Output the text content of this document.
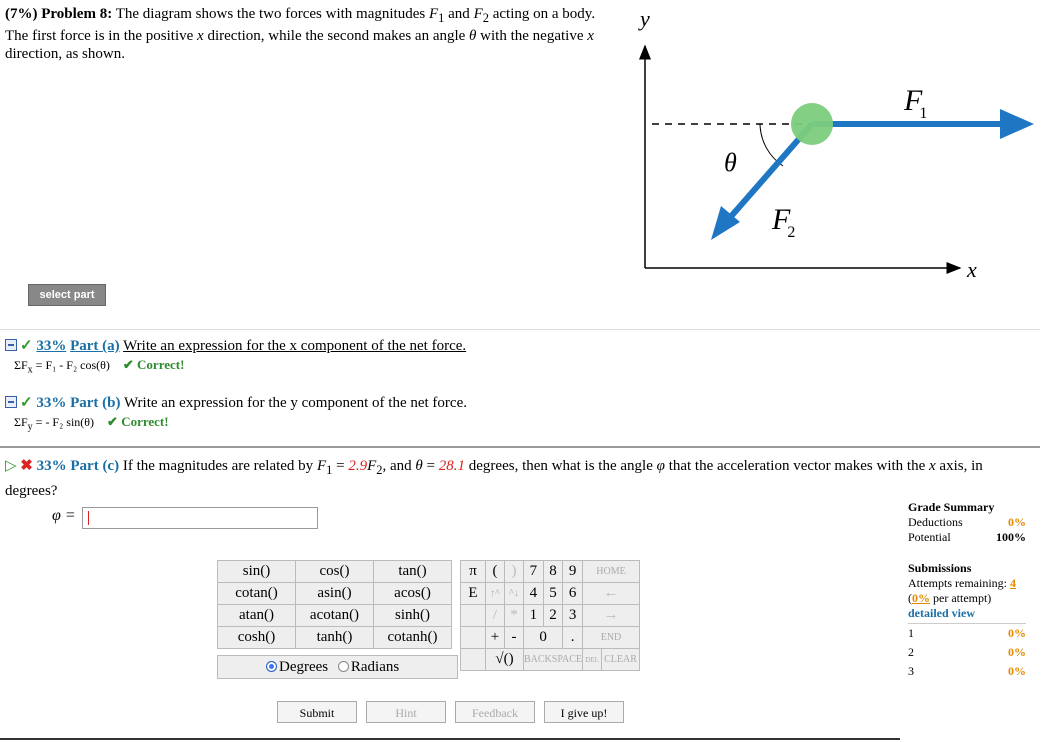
(7%) Problem 8: The diagram shows the two forces with magnitudes $F_1$ and $F_2$ acting on a body. The first force is in the positive x direction, while the second makes an angle θ with the negative x direction, as shown.
y
x
θ
F1
F2
select part
✓ 33% Part (a) Write an expression for the x component of the net force.
$\Sigma F_x = F_1 - F_2$ cos(θ) ✔ Correct!
✓ 33% Part (b) Write an expression for the y component of the net force.
$\Sigma F_y$ = - F₂ sin(θ) ✔ Correct!
▷ ✖ 33% Part (c) If the magnitudes are related by $F_1 = 2.9F_2$, and θ = 28.1 degrees, then what is the angle φ that the acceleration vector makes with the x axis, in degrees?
φ =
sin()	cos()	tan()
cotan()	asin()	acos()
atan()	acotan()	sinh()
cosh()	tanh()	cotanh()
Degrees Radians
π	(	)	7	8	9	HOME	
E	↑^	^↓	4	5	6	←	
	/	*	1	2	3	→	
	+	-	0		.	END	
	√()		BACKSPACE			DEL	CLEAR
Submit	Hint	Feedback	I give up!
Grade Summary
Deductions	0%
Potential	100%
Submissions
Attempts remaining: 4
(0% per attempt)
detailed view
1	0%
2	0%
3	0%
